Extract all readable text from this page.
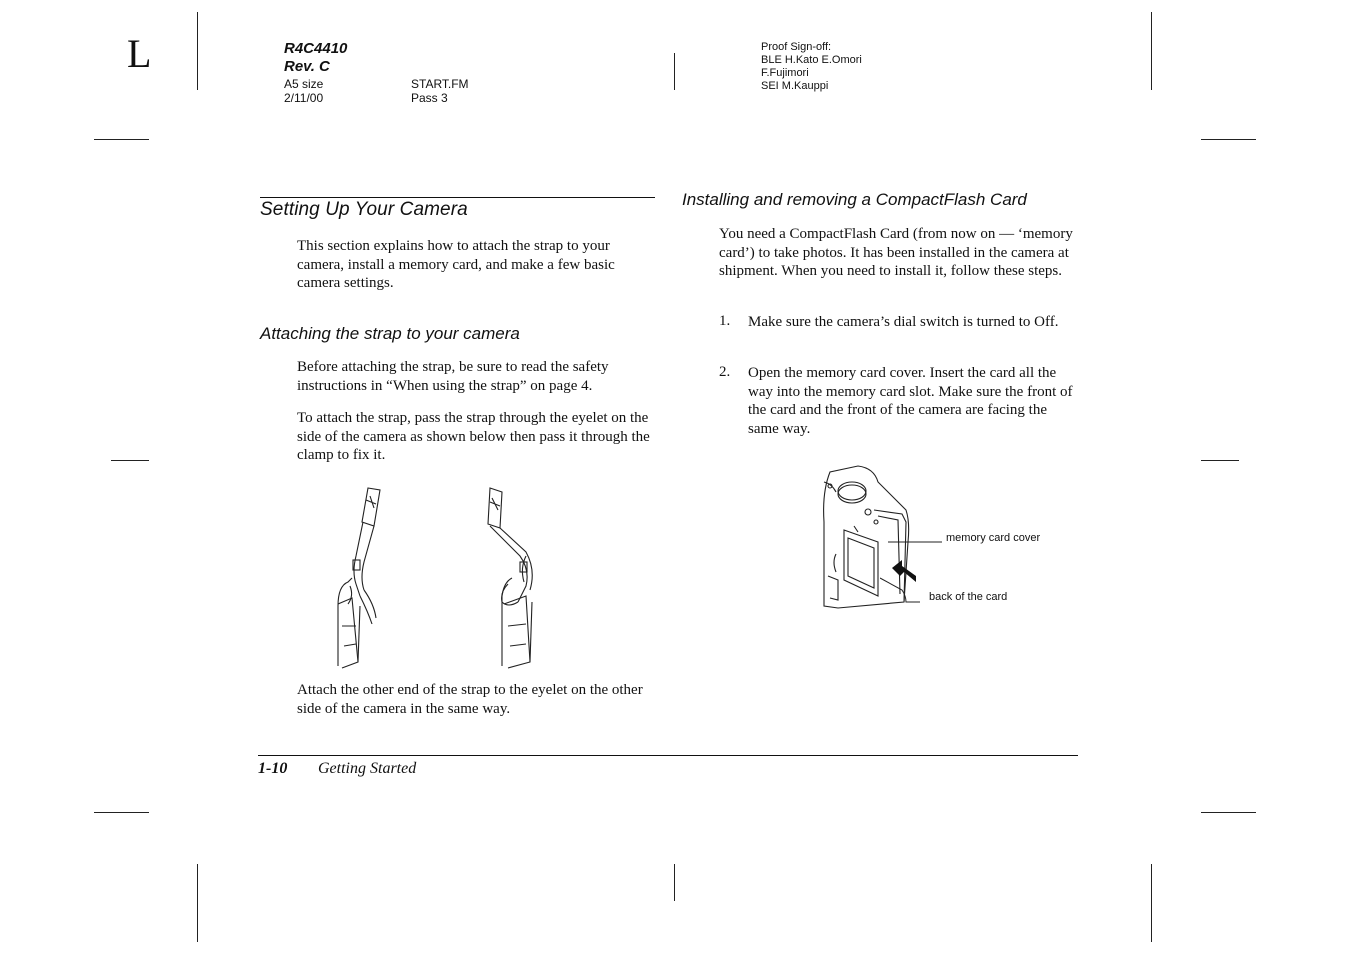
L	R4C4410
Rev. C
A5 size
2/11/00
START.FM
Pass 3
Proof Sign-off:
BLE H.Kato E.Omori
F.Fujimori
SEI M.Kauppi
Setting Up Your Camera
This section explains how to attach the strap to your camera, install a memory card, and make a few basic camera settings.
Attaching the strap to your camera
Before attaching the strap, be sure to read the safety instructions in “When using the strap” on page 4.
To attach the strap, pass the strap through the eyelet on the side of the camera as shown below then pass it through the clamp to fix it.
Attach the other end of the strap to the eyelet on the other side of the camera in the same way.
Installing and removing a CompactFlash Card
You need a CompactFlash Card (from now on — ‘memory card’) to take photos. It has been installed in the camera at shipment. When you need to install it, follow these steps.
1. Make sure the camera’s dial switch is turned to Off.
2. Open the memory card cover. Insert the card all the way into the memory card slot. Make sure the front of the card and the front of the camera are facing the same way.
memory card cover
back of the card
1-10 Getting Started
